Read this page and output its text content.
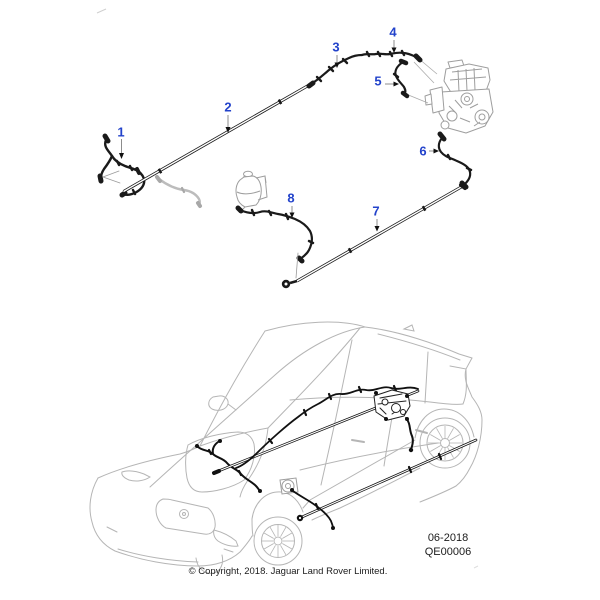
1
2
3
4
5
6
7
8
06-2018
QE00006
© Copyright, 2018. Jaguar Land Rover Limited.
